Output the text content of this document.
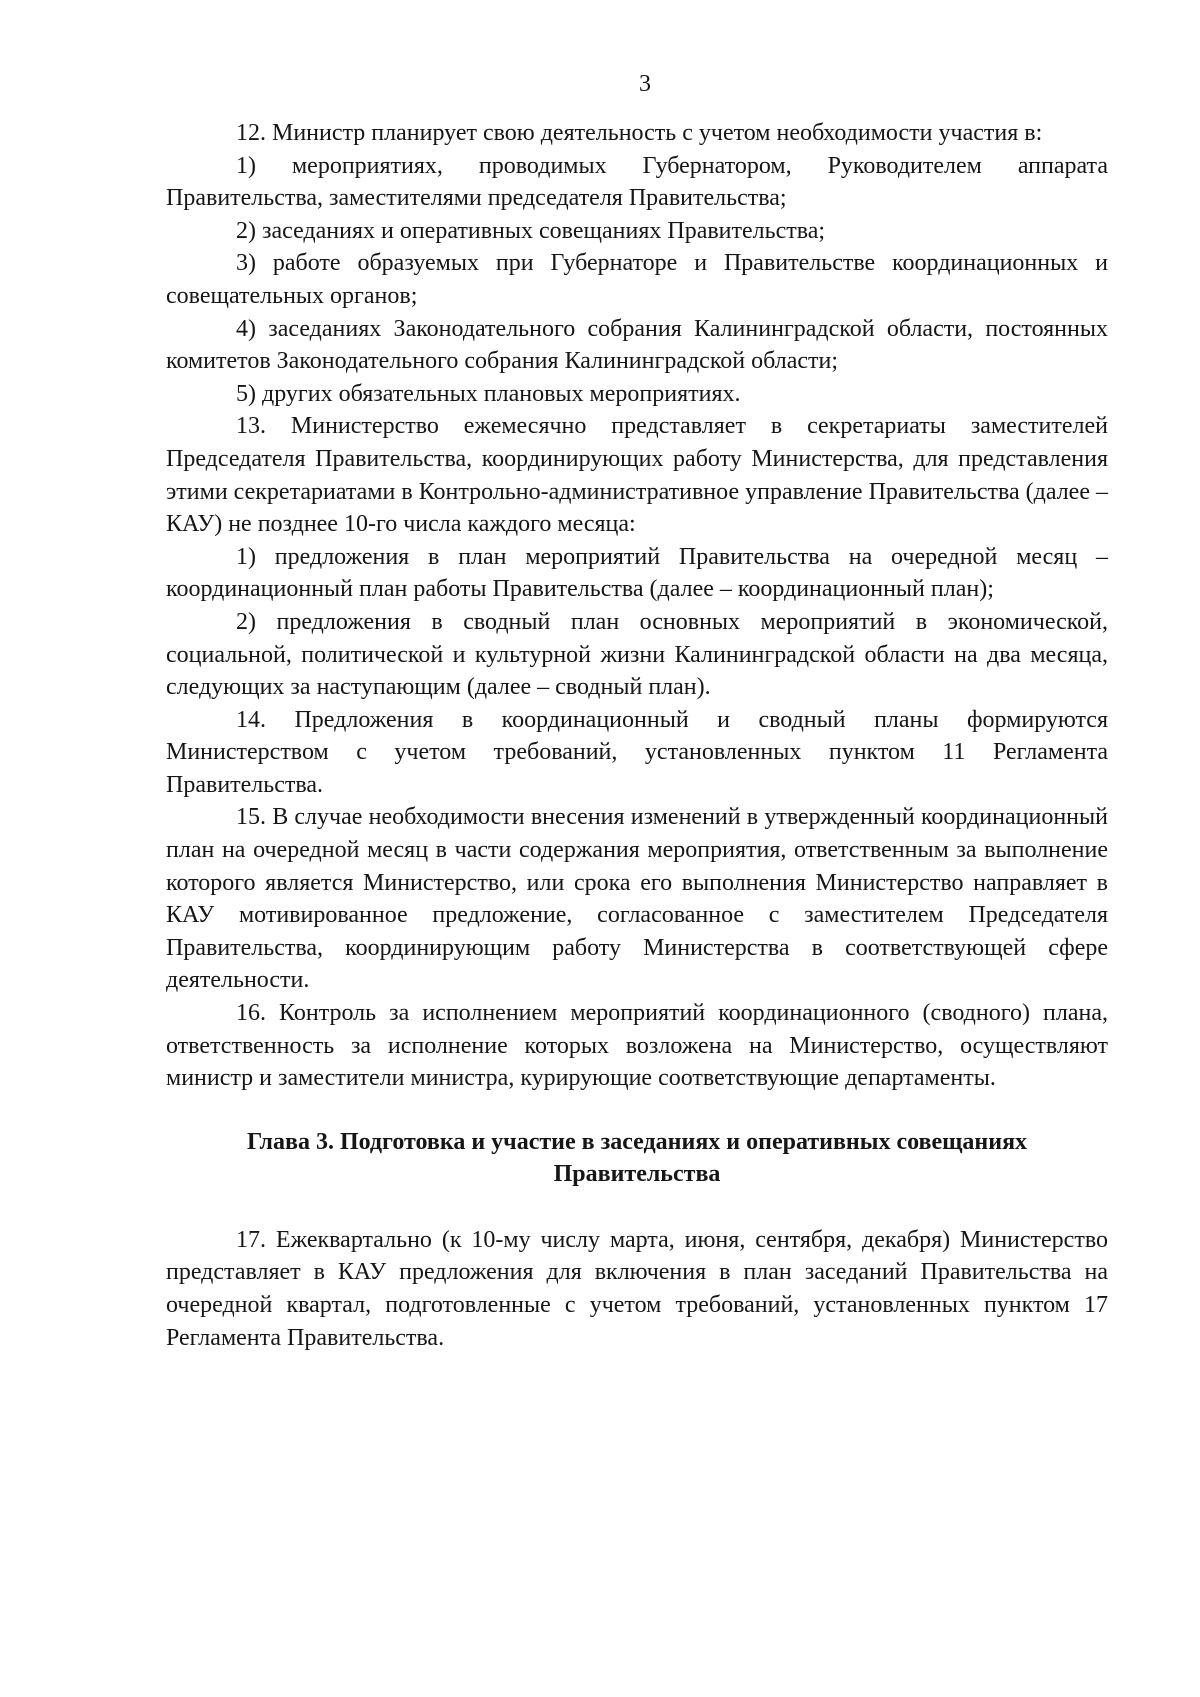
3

12. Министр планирует свою деятельность с учетом необходимости участия в:

1) мероприятиях, проводимых Губернатором, Руководителем аппарата Правительства, заместителями председателя Правительства;

2) заседаниях и оперативных совещаниях Правительства;

3) работе образуемых при Губернаторе и Правительстве координационных и совещательных органов;

4) заседаниях Законодательного собрания Калининградской области, постоянных комитетов Законодательного собрания Калининградской области;

5) других обязательных плановых мероприятиях.

13. Министерство ежемесячно представляет в секретариаты заместителей Председателя Правительства, координирующих работу Министерства, для представления этими секретариатами в Контрольно-административное управление Правительства (далее – КАУ) не позднее 10-го числа каждого месяца:

1) предложения в план мероприятий Правительства на очередной месяц – координационный план работы Правительства (далее – координационный план);

2) предложения в сводный план основных мероприятий в экономической, социальной, политической и культурной жизни Калининградской области на два месяца, следующих за наступающим (далее – сводный план).

14. Предложения в координационный и сводный планы формируются Министерством с учетом требований, установленных пунктом 11 Регламента Правительства.

15. В случае необходимости внесения изменений в утвержденный координационный план на очередной месяц в части содержания мероприятия, ответственным за выполнение которого является Министерство, или срока его выполнения Министерство направляет в КАУ мотивированное предложение, согласованное с заместителем Председателя Правительства, координирующим работу Министерства в соответствующей сфере деятельности.

16. Контроль за исполнением мероприятий координационного (сводного) плана, ответственность за исполнение которых возложена на Министерство, осуществляют министр и заместители министра, курирующие соответствующие департаменты.

Глава 3. Подготовка и участие в заседаниях и оперативных совещаниях
Правительства

17. Ежеквартально (к 10-му числу марта, июня, сентября, декабря) Министерство представляет в КАУ предложения для включения в план заседаний Правительства на очередной квартал, подготовленные с учетом требований, установленных пунктом 17 Регламента Правительства.
